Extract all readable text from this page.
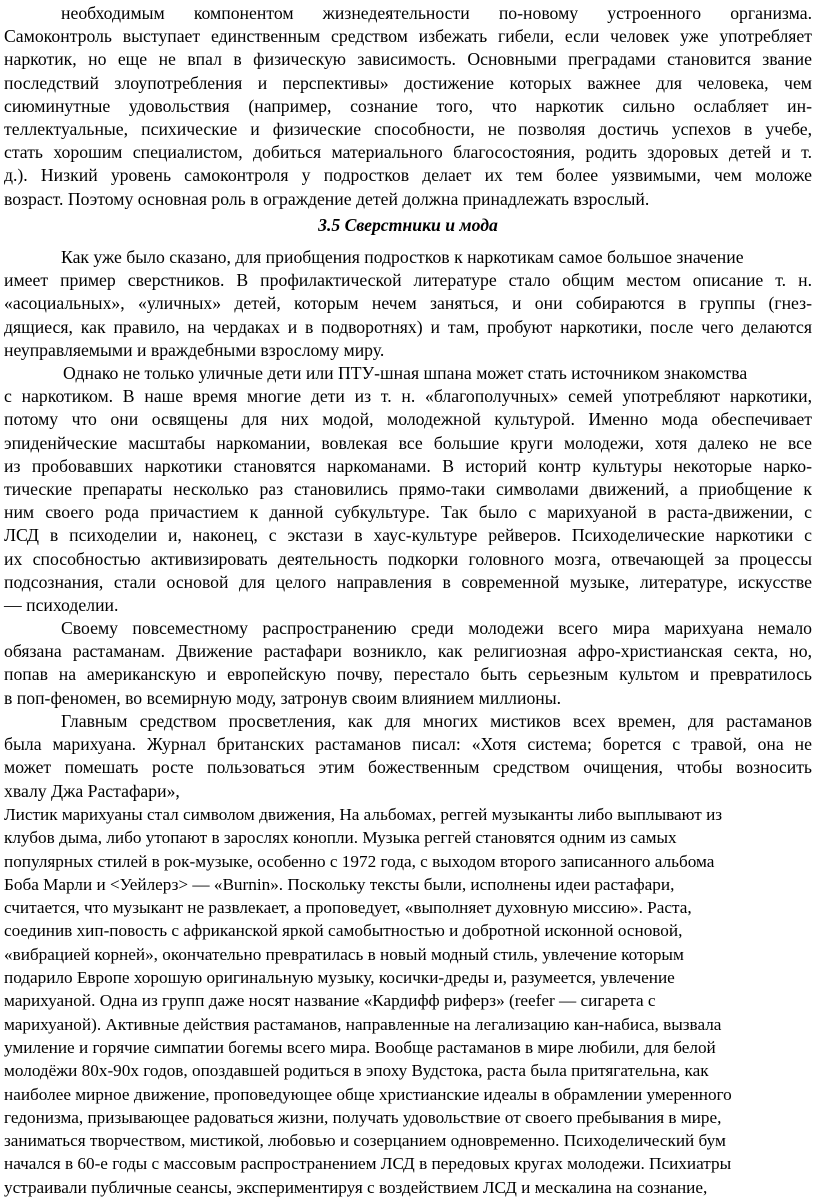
необходимым компонентом жизнедеятельности по-новому устроенного организма.
Самоконтроль выступает единственным средством избежать гибели, если человек уже употребляет
наркотик, но еще не впал в физическую зависимость. Основными преградами становится звание
последствий злоупотребления и перспективы» достижение которых важнее для человека, чем
сиюминутные удовольствия (например, сознание того, что наркотик сильно ослабляет ин-
теллектуальные, психические и физические способности, не позволяя достичь успехов в учебе,
стать хорошим специалистом, добиться материального благосостояния, родить здоровых детей и т.
д.). Низкий уровень самоконтроля у подростков делает их тем более уязвимыми, чем моложе
возраст. Поэтому основная роль в ограждение детей должна принадлежать взрослый.

3.5 Сверстники и мода

Как уже было сказано, для приобщения подростков к наркотикам самое большое значение
имеет пример сверстников. В профилактической литературе стало общим местом описание т. н.
«асоциальных», «уличных» детей, которым нечем заняться, и они собираются в группы (гнез-
дящиеся, как правило, на чердаках и в подворотнях) и там, пробуют наркотики, после чего делаются
неуправляемыми и враждебными взрослому миру.
Однако не только уличные дети или ПТУ-шная шпана может стать источником знакомства
с наркотиком. В наше время многие дети из т. н. «благополучных» семей употребляют наркотики,
потому что они освящены для них модой, молодежной культурой. Именно мода обеспечивает
эпиденйческие масштабы наркомании, вовлекая все большие круги молодежи, хотя далеко не все
из пробовавших наркотики становятся наркоманами. В историй контр культуры некоторые нарко-
тические препараты несколько раз становились прямо-таки символами движений, а приобщение к
ним своего рода причастием к данной субкультуре. Так было с марихуаной в раста-движении, с
ЛСД в психоделии и, наконец, с экстази в хаус-культуре рейверов. Психоделические наркотики с
их способностью активизировать деятельность подкорки головного мозга, отвечающей за процессы
подсознания, стали основой для целого направления в современной музыке, литературе, искусстве
— психоделии.
Своему повсеместному распространению среди молодежи всего мира марихуана немало
обязана растаманам. Движение растафари возникло, как религиозная афро-христианская секта, но,
попав на американскую и европейскую почву, перестало быть серьезным культом и превратилось
в поп-феномен, во всемирную моду, затронув своим влиянием миллионы.
Главным средством просветления, как для многих мистиков всех времен, для растаманов
была марихуана. Журнал британских растаманов писал: «Хотя система; борется с травой, она не
может помешать росте пользоваться этим божественным средством очищения, чтобы возносить
хвалу Джа Растафари»,
Листик марихуаны стал символом движения, На альбомах, реггей музыканты либо выплывают из
клубов дыма, либо утопают в зарослях конопли. Музыка реггей становятся одним из самых
популярных стилей в рок-музыке, особенно с 1972 года, с выходом второго записанного альбома
Боба Марли и <Уейлерз> — «Burnin». Поскольку тексты были, исполнены идеи растафари,
считается, что музыкант не развлекает, а проповедует, «выполняет духовную миссию». Раста,
соединив хип-повость с африканской яркой самобытностью и добротной исконной основой,
«вибрацией корней», окончательно превратилась в новый модный стиль, увлечение которым
подарило Европе хорошую оригинальную музыку, косички-дреды и, разумеется, увлечение
марихуаной. Одна из групп даже носят название «Кардифф риферз» (reefer — сигарета с
марихуаной). Активные действия растаманов, направленные на легализацию кан-набиса, вызвала
умиление и горячие симпатии богемы всего мира. Вообще растаманов в мире любили, для белой
молодёжи 80х-90х годов, опоздавшей родиться в эпоху Вудстока, раста была притягательна, как
наиболее мирное движение, проповедующее обще христианские идеалы в обрамлении умеренного
гедонизма, призывающее радоваться жизни, получать удовольствие от своего пребывания в мире,
заниматься творчеством, мистикой, любовью и созерцанием одновременно. Психоделический бум
начался в 60-е годы с массовым распространением ЛСД в передовых кругах молодежи. Психиатры
устраивали публичные сеансы, экспериментируя с воздействием ЛСД и мескалина на сознание,
